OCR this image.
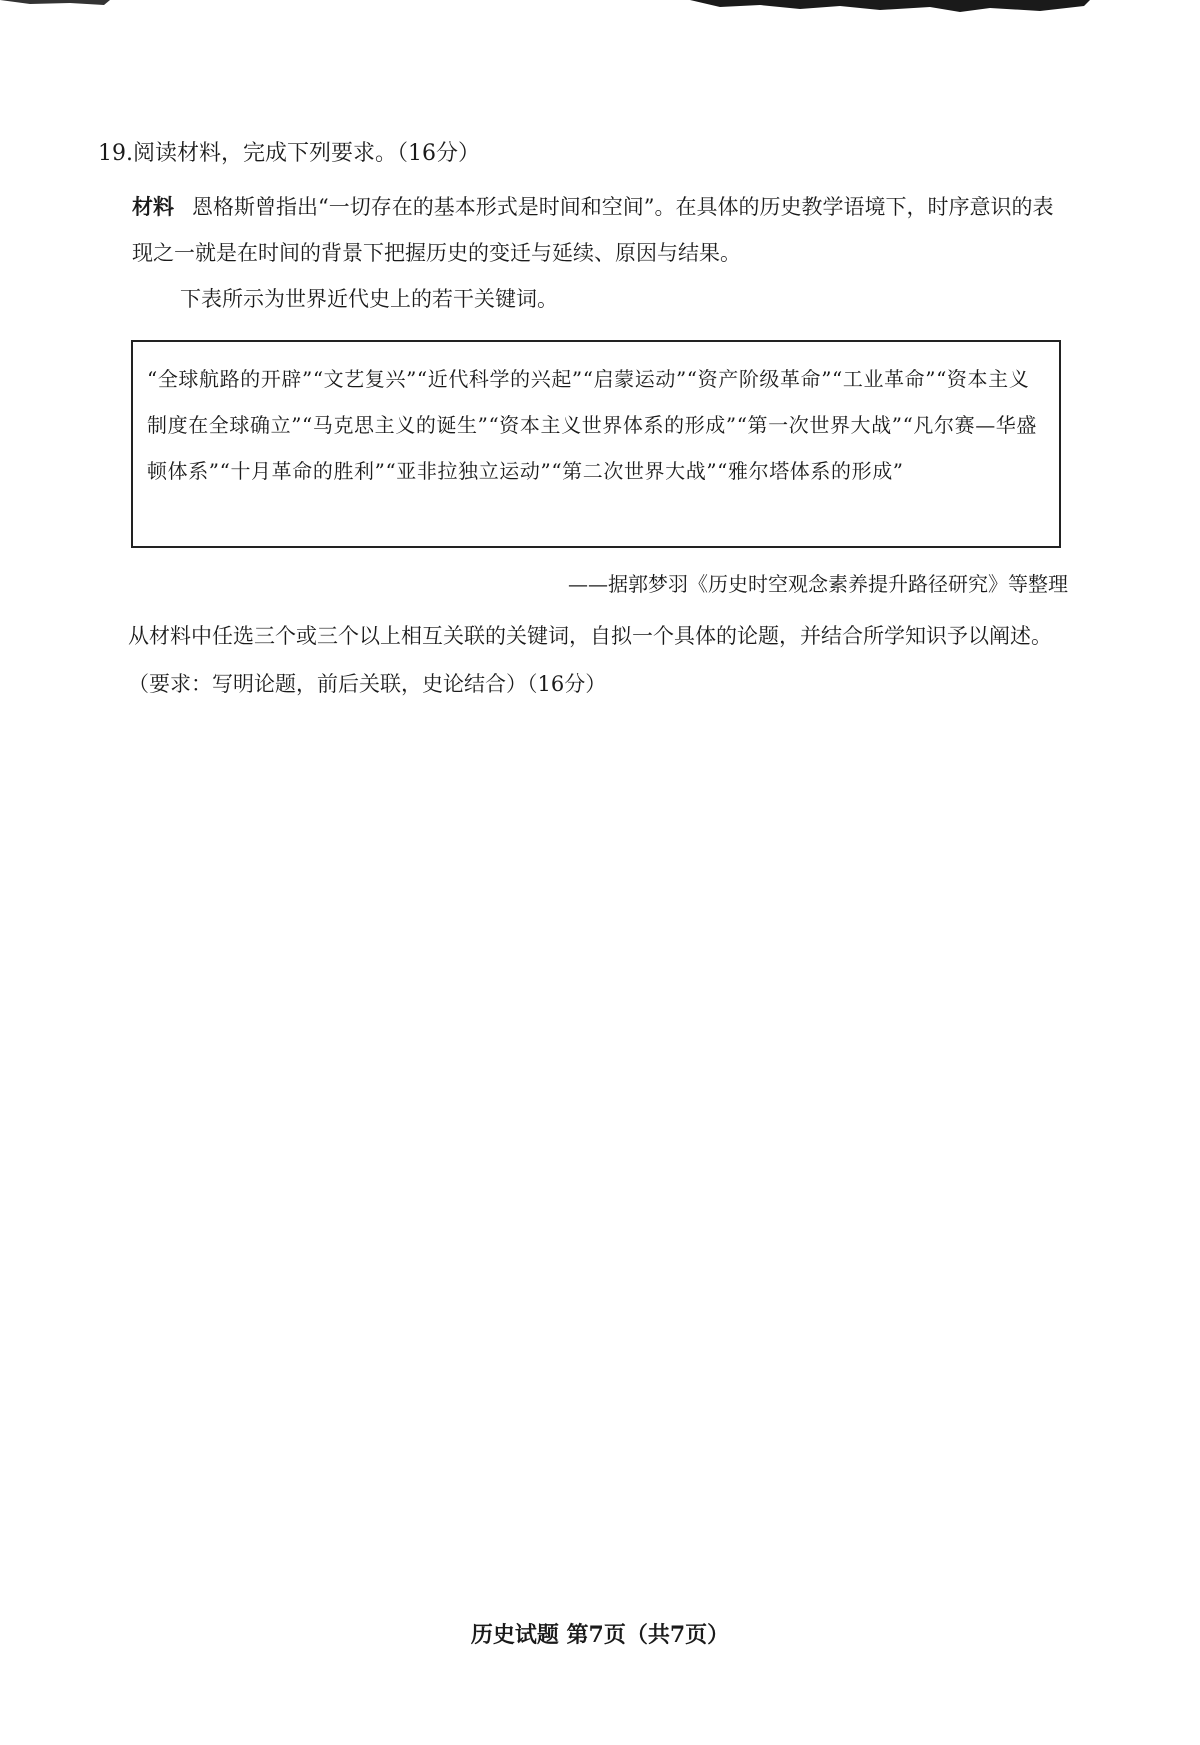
19.阅读材料，完成下列要求。（16分）
材料 恩格斯曾指出“一切存在的基本形式是时间和空间”。在具体的历史教学语境下，时序意识的表现之一就是在时间的背景下把握历史的变迁与延续、原因与结果。
下表所示为世界近代史上的若干关键词。
“全球航路的开辟”“文艺复兴”“近代科学的兴起”“启蒙运动”“资产阶级革命”“工业革命”“资本主义制度在全球确立”“马克思主义的诞生”“资本主义世界体系的形成”“第一次世界大战”“凡尔赛—华盛顿体系”“十月革命的胜利”“亚非拉独立运动”“第二次世界大战”“雅尔塔体系的形成”
——据郭梦羽《历史时空观念素养提升路径研究》等整理
从材料中任选三个或三个以上相互关联的关键词，自拟一个具体的论题，并结合所学知识予以阐述。（要求：写明论题，前后关联，史论结合）（16分）
历史试题 第7页（共7页）
